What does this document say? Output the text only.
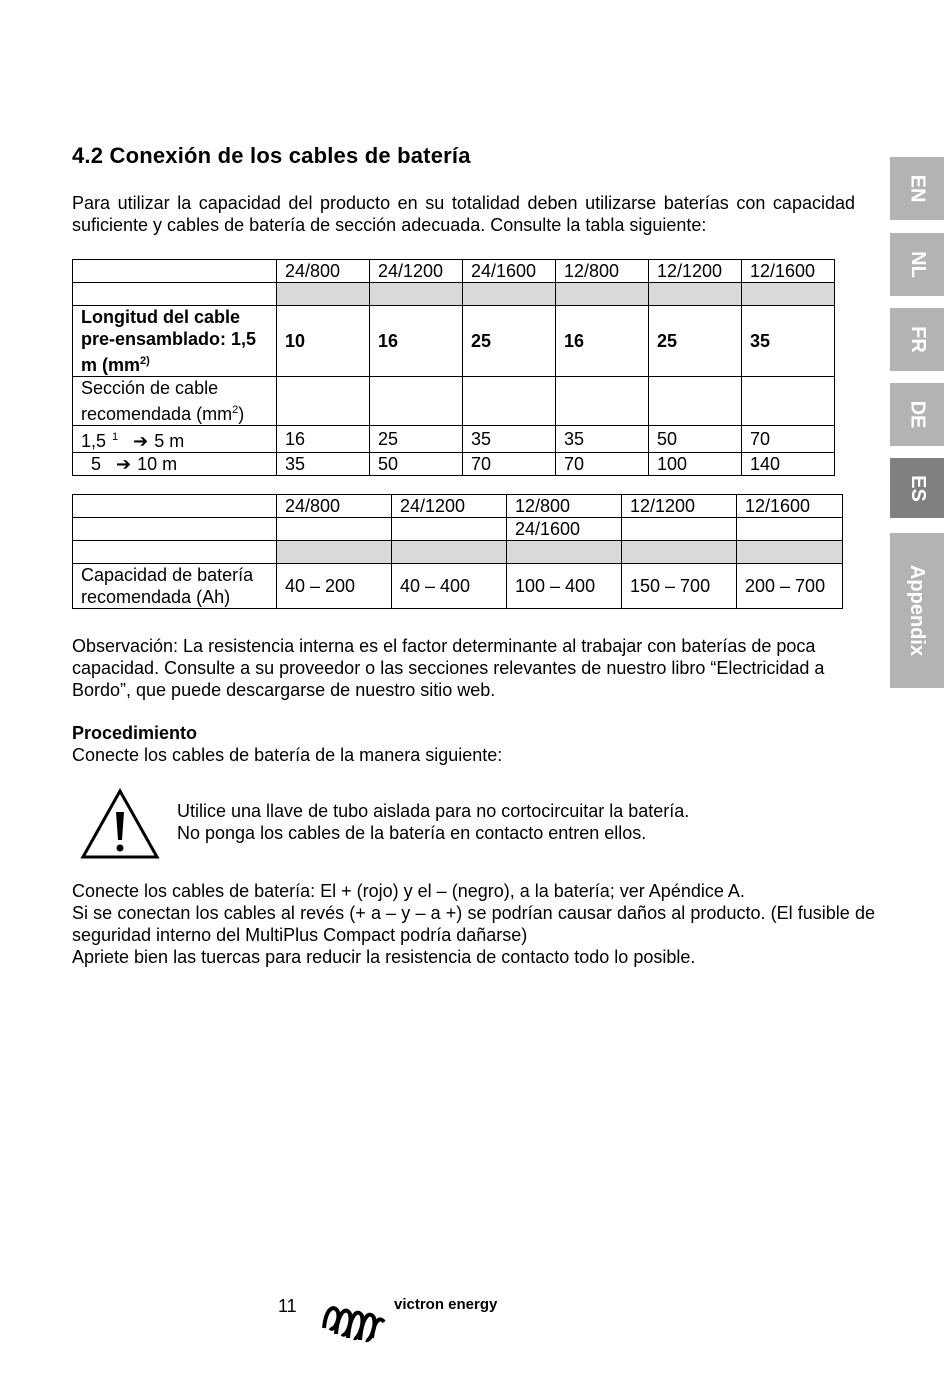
4.2 Conexión de los cables de batería

Para utilizar la capacidad del producto en su totalidad deben utilizarse baterías con capacidad suficiente y cables de batería de sección adecuada. Consulte la tabla siguiente:

	24/800	24/1200	24/1600	12/800	12/1200	12/1600

Longitud del cable
pre-ensamblado: 1,5
m ($mm^{2)}$	10	16	25	16	25	35

Sección de cable
recomendada $(mm^2)$						

1,5 $^1$ ➔ 5 m	16	25	35	35	50	70
5 ➔ 10 m	35	50	70	70	100	140
	24/800	24/1200	12/800	12/1200	12/1600
			24/1600		

Capacidad de batería
recomendada (Ah)	40 – 200	40 – 400	100 – 400	150 – 700	200 – 700

Observación: La resistencia interna es el factor determinante al trabajar con baterías de poca capacidad. Consulte a su proveedor o las secciones relevantes de nuestro libro “Electricidad a Bordo”, que puede descargarse de nuestro sitio web.

Procedimiento
Conecte los cables de batería de la manera siguiente:
Utilice una llave de tubo aislada para no cortocircuitar la batería.
No ponga los cables de la batería en contacto entren ellos.

Conecte los cables de batería: El + (rojo) y el – (negro), a la batería; ver Apéndice A.

Si se conectan los cables al revés (+ a – y – a +) se podrían causar daños al producto. (El fusible de seguridad interno del MultiPlus Compact podría dañarse)

Apriete bien las tuercas para reducir la resistencia de contacto todo lo posible.

EN
NL
FR
DE
ES
Appendix
11	victron energy
